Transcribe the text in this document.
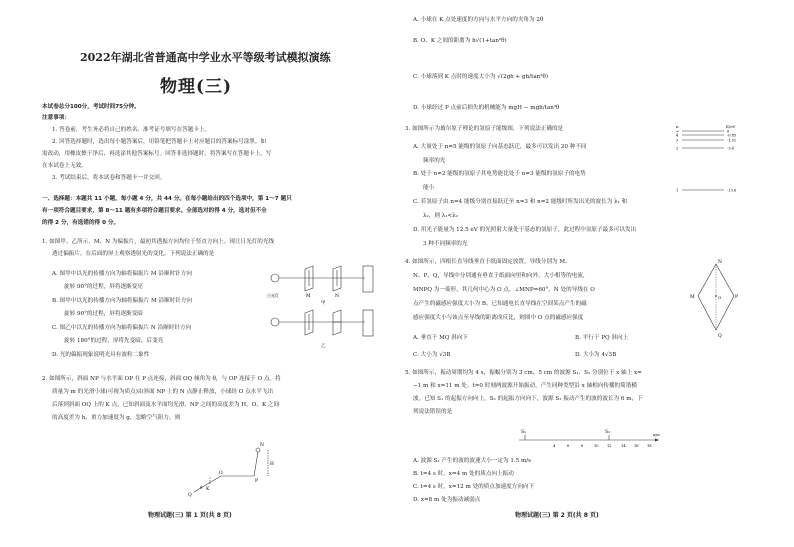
2022年湖北省普通高中学业水平等级考试模拟演练
物理(三)
本试卷总分100分，考试时间75分钟。
注意事项：
1. 答卷前，考生务必将自己的姓名、准考证号填写在答题卡上。
2. 回答选择题时，选出每小题答案后，用铅笔把答题卡上对应题目的答案标号涂黑。如
需改动，用橡皮擦干净后，再选涂其他答案标号。回答非选择题时，将答案写在答题卡上，写
在本试卷上无效。
3. 考试结束后，将本试卷和答题卡一并交回。
一、选择题：本题共 11 小题，每小题 4 分，共 44 分。在每小题给出的四个选项中，第 1～7 题只
有一项符合题目要求，第 8～11 题有多项符合题目要求。全部选对的得 4 分，选对但不全
的得 2 分，有选错的得 0 分。
1. 如图甲、乙所示，M、N 为偏振片，最初其透振方向均位于竖直方向上。现让日光灯的光线
透过偏振片，在后面的屏上观察透射光的变化。下列说法正确的是
A. 图甲中以光的传播方向为轴将偏振片 M 沿顺时针方向
旋转 90°的过程，屏将逐渐变亮
B. 图甲中以光的传播方向为轴将偏振片 M 沿顺时针方向
旋转 90°的过程，屏将逐渐变暗
C. 图乙中以光的传播方向为轴将偏振片 N 沿顺时针方向
旋转 180°的过程，屏将先变暗，后变亮
D. 光的偏振现象说明光具有波粒二象性
日光灯	M	N
甲
乙
2. 如图所示，斜面 NP 与水平面 OP 在 P 点连接，斜面 OQ 倾角为 θ，与 OP 连接于 O 点。将
质量为 m 的光滑小球(可视为质点)由斜面 NP 上的 N 点静止释放，小球经 O 点水平飞出
后落到斜面 OQ 上的 K 点。已知斜面及水平面均光滑，NP 之间的高度差为 H，O、K 之间
的高度差为 h，重力加速度为 g，忽略空气阻力，则
N
P
O
K
Q
H
θ
物理试题(三) 第 1 页(共 8 页)
A. 小球在 K 点处速度的方向与水平方向的夹角为 2θ
B. O、K 之间的距离为 h√(1+tan²θ)
C. 小球落到 K 点时的速度大小为 √(2gh + gh/tan²θ)
D. 小球经过 P 点前后损失的机械能为 mgH − mgh/tan²θ
3. 如图所示为玻尔原子理论的氢原子能级图，下列说法正确的是
A. 大量处于 n=5 能级的氢原子向基态跃迁，最多可以发出 20 种不同
频率的光
B. 处于 n=2 能级的氢原子其电势能比处于 n=3 能级的氢原子的电势
能小
C. 若氢原子由 n=4 能级分别直接跃迁至 n=3 和 n=2 能级时所发出光的波长为 λ₁ 和
λ₂，则 λ₁<λ₂
D. 用光子能量为 12.5 eV 的光照射大量处于基态的氢原子，此过程中氢原子最多可以发出
3 种不同频率的光
n	E/eV
∞	0
4	-0.85
3	-1.51
2	-3.4
1	-13.6
4. 如图所示，四根长直导线垂直于纸面固定放置，导线分别为 M、
N、P、Q，导线中分别通有垂直于纸面向里和向外、大小相等的电流，
MNPQ 为一菱形，其几何中心为 O 点，∠MNP=60°。N 处的导线在 O
点产生的磁感应强度大小为 B。已知通电长直导线在空间某点产生的磁
感应强度大小与该点至导线的距离成反比，则图中 O 点的磁感应强度
A. 垂直于 MQ 斜向下	B. 平行于 PQ 斜向上
C. 大小为 √3B	D. 大小为 4√3B
O
N
M	P
Q
5. 如图所示，振动周期均为 4 s，振幅分别为 3 cm、5 cm 的波源 S₁、S₂ 分别位于 x 轴上 x=
−1 m 和 x=11 m 处。t=0 时刻两波源开始振动，产生同种类型沿 x 轴相向传播的简谐横
波。已知 S₁ 的起振方向向上，S₂ 的起振方向向下，波源 S₁ 振动产生的波的波长为 6 m，下
列说法错误的是
S₁	S₂
4	6	8	10 12	14 16 18
x/m
A. 波源 S₂ 产生的波的波速大小一定为 1.5 m/s
B. t=4 s 时，x=4 m 处的质点向上振动
C. t=4 s 时，x=12 m 处的质点加速度方向向下
D. x=8 m 处为振动减弱点
物理试题(三) 第 2 页(共 8 页)
